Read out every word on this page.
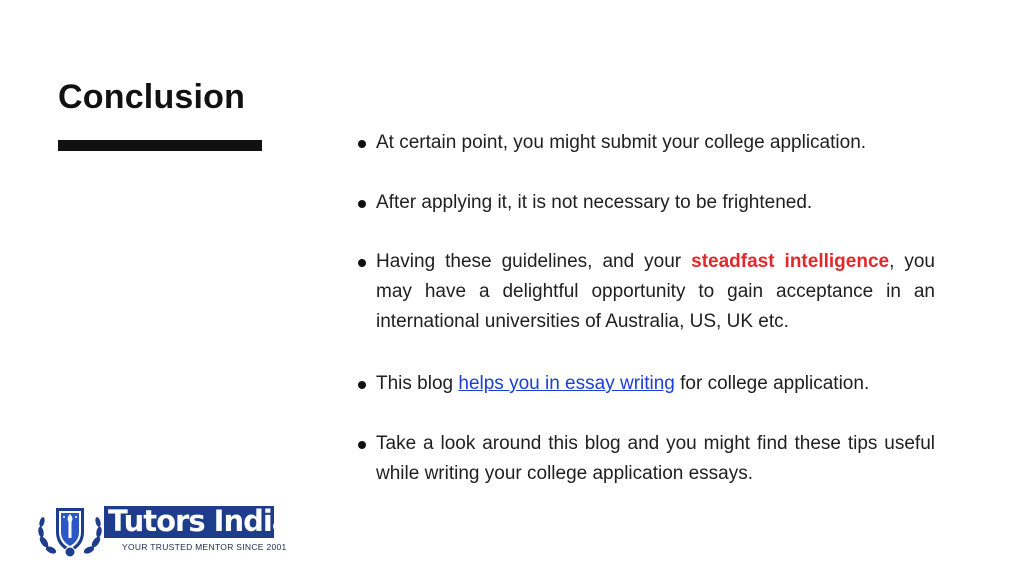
Conclusion
At certain point, you might submit your college application.
After applying it, it is not necessary to be frightened.
Having these guidelines, and your steadfast intelligence, you may have a delightful opportunity to gain acceptance in an international universities of Australia, US, UK etc.
This blog helps you in essay writing for college application.
Take a look around this blog and you might find these tips useful while writing your college application essays.
Tutors India
YOUR TRUSTED MENTOR SINCE 2001
